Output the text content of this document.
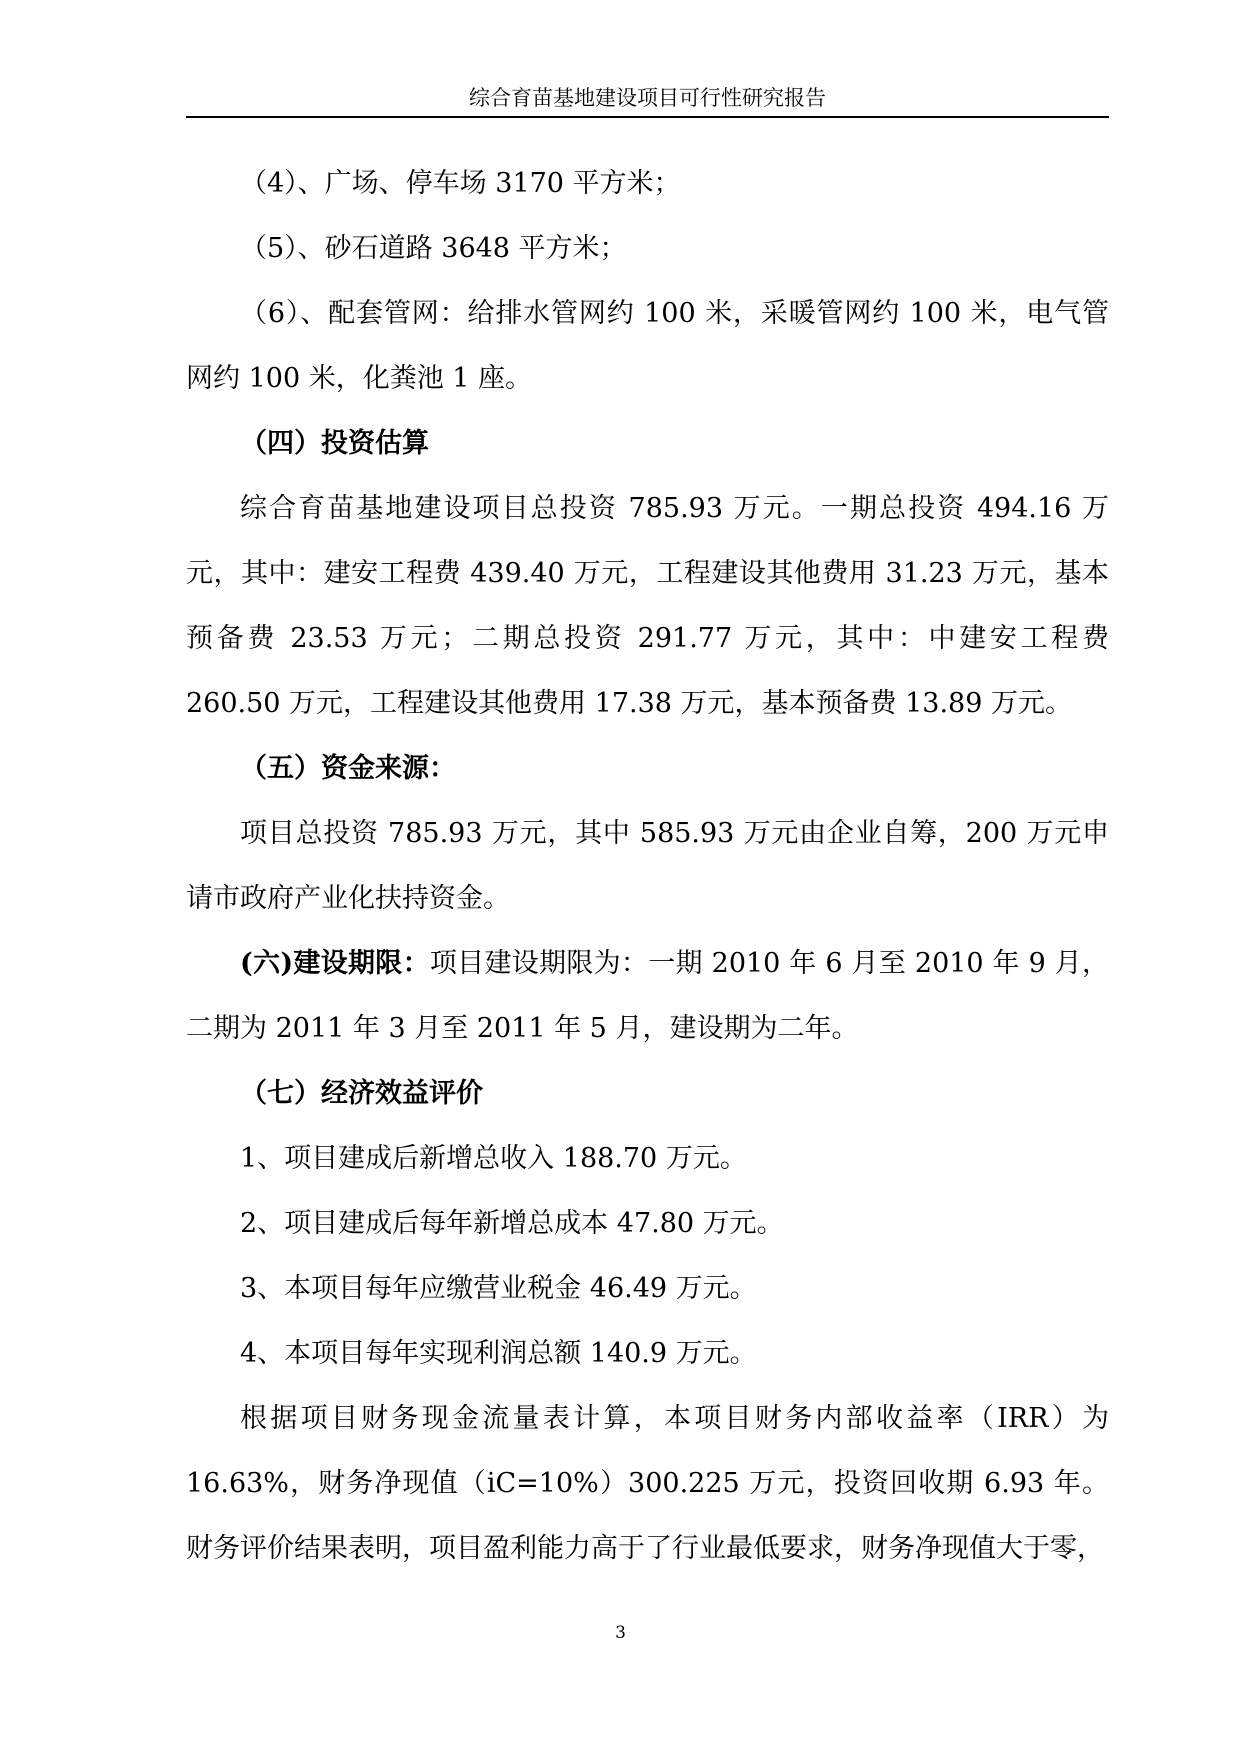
综合育苗基地建设项目可行性研究报告

（4）、广场、停车场 3170 平方米；

（5）、砂石道路 3648 平方米；

（6）、配套管网：给排水管网约 100 米，采暖管网约 100 米，电气管网约 100 米，化粪池 1 座。

（四）投资估算

综合育苗基地建设项目总投资 785.93 万元。一期总投资 494.16 万元，其中：建安工程费 439.40 万元，工程建设其他费用 31.23 万元，基本预备费 23.53 万元；二期总投资 291.77 万元，其中：中建安工程费 260.50 万元，工程建设其他费用 17.38 万元，基本预备费 13.89 万元。

（五）资金来源：

项目总投资 785.93 万元，其中 585.93 万元由企业自筹，200 万元申请市政府产业化扶持资金。

(六)建设期限：项目建设期限为：一期 2010 年 6 月至 2010 年 9 月，二期为 2011 年 3 月至 2011 年 5 月，建设期为二年。

（七）经济效益评价

1、项目建成后新增总收入 188.70 万元。

2、项目建成后每年新增总成本 47.80 万元。

3、本项目每年应缴营业税金 46.49 万元。

4、本项目每年实现利润总额 140.9 万元。

根据项目财务现金流量表计算，本项目财务内部收益率（IRR）为 16.63%，财务净现值（iC=10%）300.225 万元，投资回收期 6.93 年。财务评价结果表明，项目盈利能力高于了行业最低要求，财务净现值大于零，

3
